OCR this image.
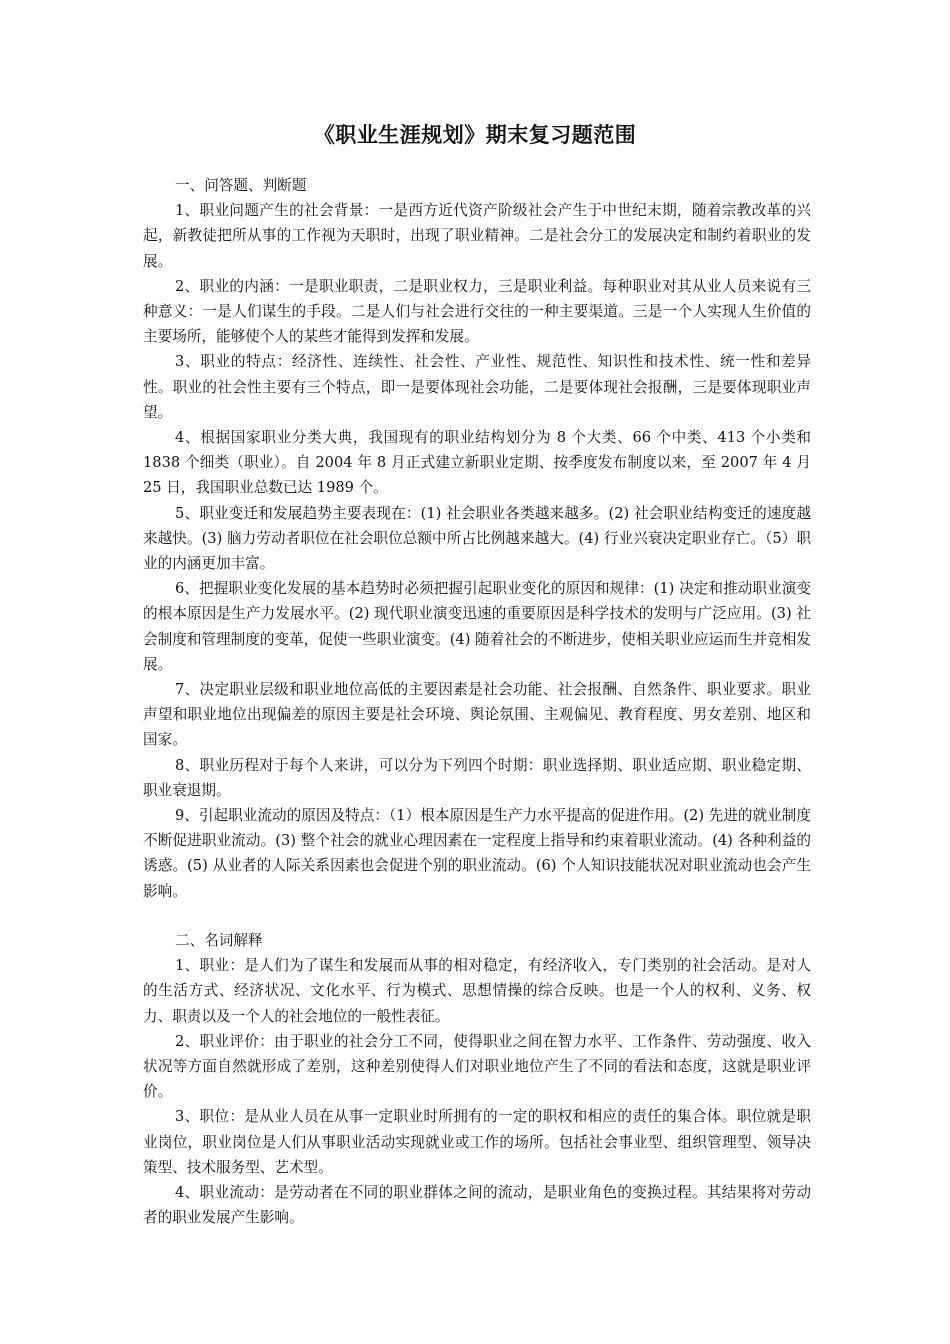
《职业生涯规划》期末复习题范围

一、问答题、判断题

1、职业问题产生的社会背景：一是西方近代资产阶级社会产生于中世纪末期，随着宗教改革的兴起，新教徒把所从事的工作视为天职时，出现了职业精神。二是社会分工的发展决定和制约着职业的发展。

2、职业的内涵：一是职业职责，二是职业权力，三是职业利益。每种职业对其从业人员来说有三种意义：一是人们谋生的手段。二是人们与社会进行交往的一种主要渠道。三是一个人实现人生价值的主要场所，能够使个人的某些才能得到发挥和发展。

3、职业的特点：经济性、连续性、社会性、产业性、规范性、知识性和技术性、统一性和差异性。职业的社会性主要有三个特点，即一是要体现社会功能，二是要体现社会报酬，三是要体现职业声望。

4、根据国家职业分类大典，我国现有的职业结构划分为 8 个大类、66 个中类、413 个小类和 1838 个细类（职业）。自 2004 年 8 月正式建立新职业定期、按季度发布制度以来，至 2007 年 4 月 25 日，我国职业总数已达 1989 个。

5、职业变迁和发展趋势主要表现在：(1) 社会职业各类越来越多。(2) 社会职业结构变迁的速度越来越快。(3) 脑力劳动者职位在社会职位总额中所占比例越来越大。(4) 行业兴衰决定职业存亡。（5）职业的内涵更加丰富。

6、把握职业变化发展的基本趋势时必须把握引起职业变化的原因和规律：(1) 决定和推动职业演变的根本原因是生产力发展水平。(2) 现代职业演变迅速的重要原因是科学技术的发明与广泛应用。(3) 社会制度和管理制度的变革，促使一些职业演变。(4) 随着社会的不断进步，使相关职业应运而生并竞相发展。

7、决定职业层级和职业地位高低的主要因素是社会功能、社会报酬、自然条件、职业要求。职业声望和职业地位出现偏差的原因主要是社会环境、舆论氛围、主观偏见、教育程度、男女差别、地区和国家。

8、职业历程对于每个人来讲，可以分为下列四个时期：职业选择期、职业适应期、职业稳定期、职业衰退期。

9、引起职业流动的原因及特点：（1）根本原因是生产力水平提高的促进作用。(2) 先进的就业制度不断促进职业流动。(3) 整个社会的就业心理因素在一定程度上指导和约束着职业流动。(4) 各种利益的诱惑。(5) 从业者的人际关系因素也会促进个别的职业流动。(6) 个人知识技能状况对职业流动也会产生影响。

二、名词解释

1、职业：是人们为了谋生和发展而从事的相对稳定，有经济收入，专门类别的社会活动。是对人的生活方式、经济状况、文化水平、行为模式、思想情操的综合反映。也是一个人的权利、义务、权力、职责以及一个人的社会地位的一般性表征。

2、职业评价：由于职业的社会分工不同，使得职业之间在智力水平、工作条件、劳动强度、收入状况等方面自然就形成了差别，这种差别使得人们对职业地位产生了不同的看法和态度，这就是职业评价。

3、职位：是从业人员在从事一定职业时所拥有的一定的职权和相应的责任的集合体。职位就是职业岗位，职业岗位是人们从事职业活动实现就业或工作的场所。包括社会事业型、组织管理型、领导决策型、技术服务型、艺术型。

4、职业流动：是劳动者在不同的职业群体之间的流动，是职业角色的变换过程。其结果将对劳动者的职业发展产生影响。
